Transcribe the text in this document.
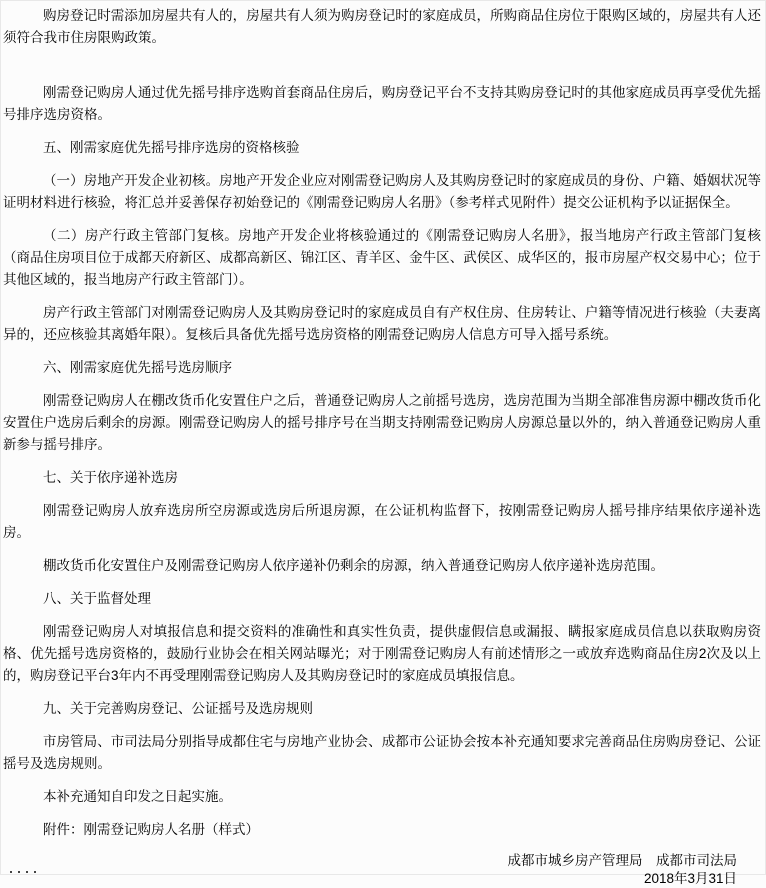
购房登记时需添加房屋共有人的，房屋共有人须为购房登记时的家庭成员，所购商品住房位于限购区域的，房屋共有人还须符合我市住房限购政策。
刚需登记购房人通过优先摇号排序选购首套商品住房后，购房登记平台不支持其购房登记时的其他家庭成员再享受优先摇号排序选房资格。
五、刚需家庭优先摇号排序选房的资格核验
（一）房地产开发企业初核。房地产开发企业应对刚需登记购房人及其购房登记时的家庭成员的身份、户籍、婚姻状况等证明材料进行核验，将汇总并妥善保存初始登记的《刚需登记购房人名册》（参考样式见附件）提交公证机构予以证据保全。
（二）房产行政主管部门复核。房地产开发企业将核验通过的《刚需登记购房人名册》，报当地房产行政主管部门复核（商品住房项目位于成都天府新区、成都高新区、锦江区、青羊区、金牛区、武侯区、成华区的，报市房屋产权交易中心；位于其他区域的，报当地房产行政主管部门）。
房产行政主管部门对刚需登记购房人及其购房登记时的家庭成员自有产权住房、住房转让、户籍等情况进行核验（夫妻离异的，还应核验其离婚年限）。复核后具备优先摇号选房资格的刚需登记购房人信息方可导入摇号系统。
六、刚需家庭优先摇号选房顺序
刚需登记购房人在棚改货币化安置住户之后，普通登记购房人之前摇号选房，选房范围为当期全部准售房源中棚改货币化安置住户选房后剩余的房源。刚需登记购房人的摇号排序号在当期支持刚需登记购房人房源总量以外的，纳入普通登记购房人重新参与摇号排序。
七、关于依序递补选房
刚需登记购房人放弃选房所空房源或选房后所退房源，在公证机构监督下，按刚需登记购房人摇号排序结果依序递补选房。
棚改货币化安置住户及刚需登记购房人依序递补仍剩余的房源，纳入普通登记购房人依序递补选房范围。
八、关于监督处理
刚需登记购房人对填报信息和提交资料的准确性和真实性负责，提供虚假信息或漏报、瞒报家庭成员信息以获取购房资格、优先摇号选房资格的，鼓励行业协会在相关网站曝光；对于刚需登记购房人有前述情形之一或放弃选购商品住房2次及以上的，购房登记平台3年内不再受理刚需登记购房人及其购房登记时的家庭成员填报信息。
九、关于完善购房登记、公证摇号及选房规则
市房管局、市司法局分别指导成都住宅与房地产业协会、成都市公证协会按本补充通知要求完善商品住房购房登记、公证摇号及选房规则。
本补充通知自印发之日起实施。
附件：刚需登记购房人名册（样式）
成都市城乡房产管理局　成都市司法局
2018年3月31日
